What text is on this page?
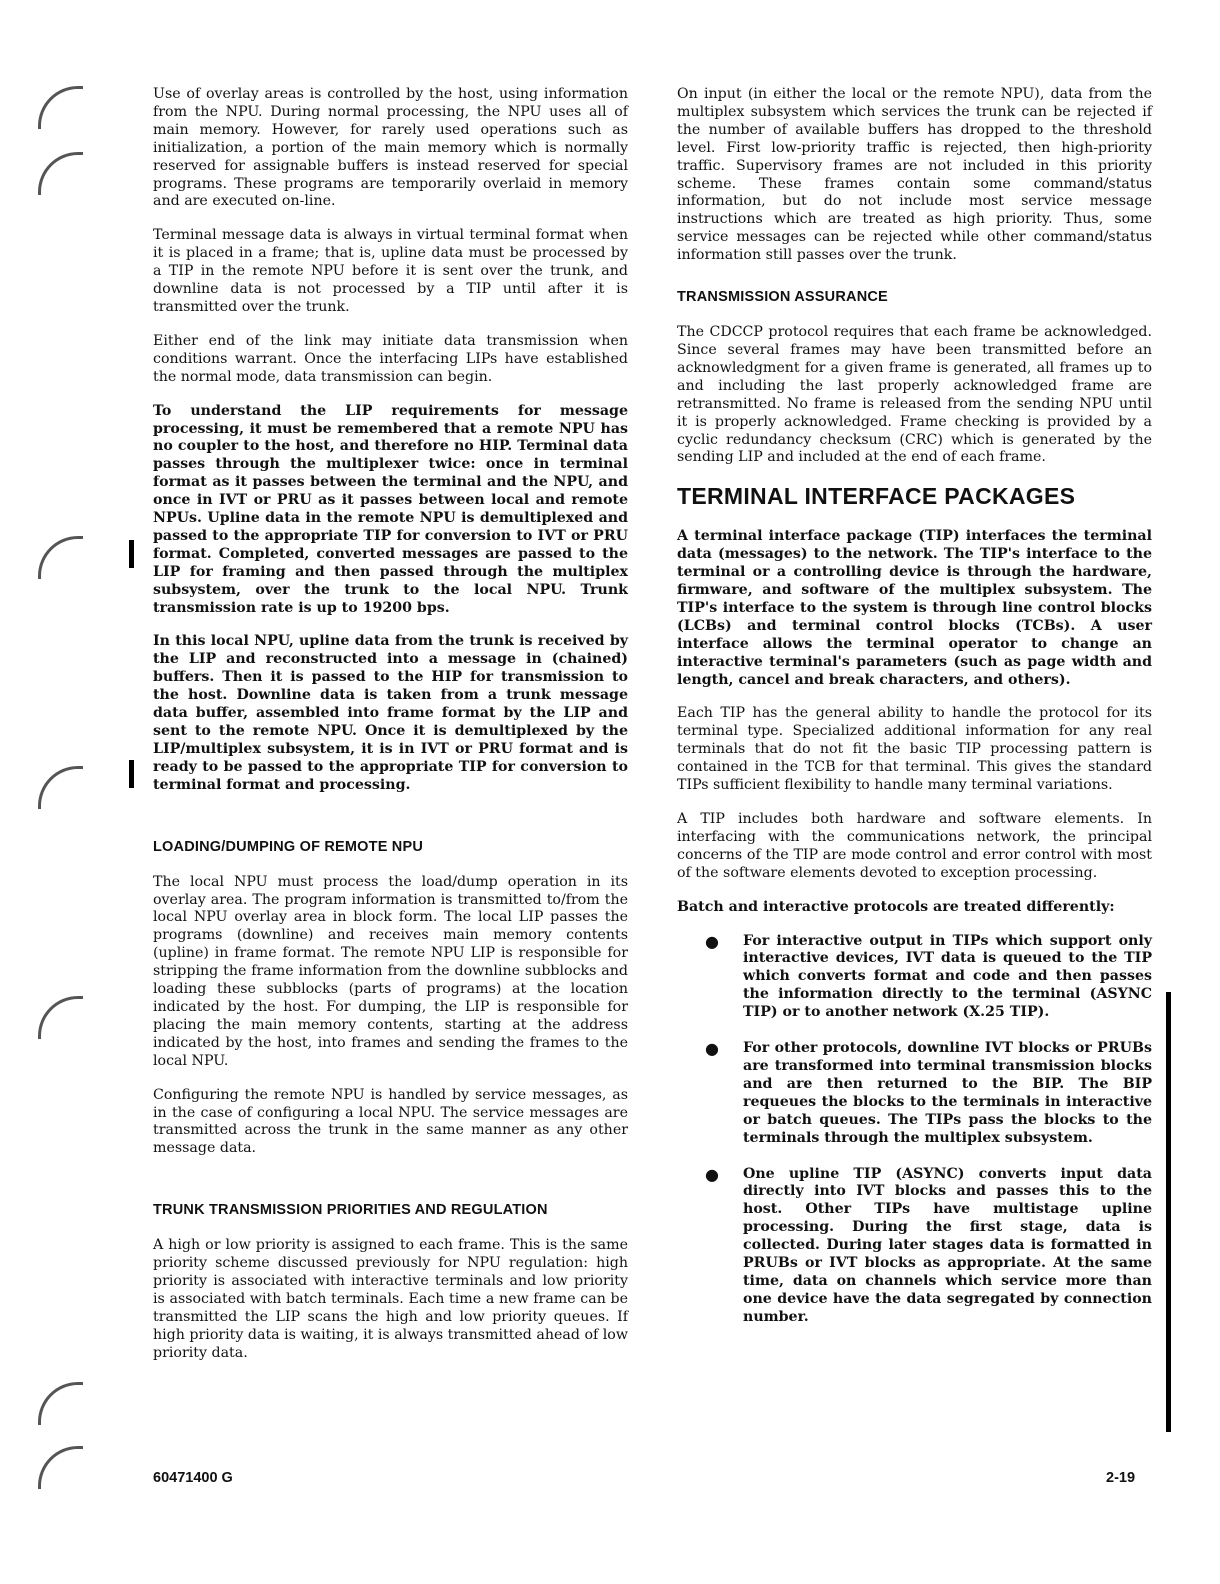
Use of overlay areas is controlled by the host, using information from the NPU. During normal processing, the NPU uses all of main memory. However, for rarely used operations such as initialization, a portion of the main memory which is normally reserved for assignable buffers is instead reserved for special programs. These programs are temporarily overlaid in memory and are executed on-line.

Terminal message data is always in virtual terminal format when it is placed in a frame; that is, upline data must be processed by a TIP in the remote NPU before it is sent over the trunk, and downline data is not processed by a TIP until after it is transmitted over the trunk.

Either end of the link may initiate data transmission when conditions warrant. Once the interfacing LIPs have established the normal mode, data transmission can begin.

To understand the LIP requirements for message processing, it must be remembered that a remote NPU has no coupler to the host, and therefore no HIP. Terminal data passes through the multiplexer twice: once in terminal format as it passes between the terminal and the NPU, and once in IVT or PRU as it passes between local and remote NPUs. Upline data in the remote NPU is demultiplexed and passed to the appropriate TIP for conversion to IVT or PRU format. Completed, converted messages are passed to the LIP for framing and then passed through the multiplex subsystem, over the trunk to the local NPU. Trunk transmission rate is up to 19200 bps.

In this local NPU, upline data from the trunk is received by the LIP and reconstructed into a message in (chained) buffers. Then it is passed to the HIP for transmission to the host. Downline data is taken from a trunk message data buffer, assembled into frame format by the LIP and sent to the remote NPU. Once it is demultiplexed by the LIP/multiplex subsystem, it is in IVT or PRU format and is ready to be passed to the appropriate TIP for conversion to terminal format and processing.

LOADING/DUMPING OF REMOTE NPU

The local NPU must process the load/dump operation in its overlay area. The program information is transmitted to/from the local NPU overlay area in block form. The local LIP passes the programs (downline) and receives main memory contents (upline) in frame format. The remote NPU LIP is responsible for stripping the frame information from the downline subblocks and loading these subblocks (parts of programs) at the location indicated by the host. For dumping, the LIP is responsible for placing the main memory contents, starting at the address indicated by the host, into frames and sending the frames to the local NPU.

Configuring the remote NPU is handled by service messages, as in the case of configuring a local NPU. The service messages are transmitted across the trunk in the same manner as any other message data.

TRUNK TRANSMISSION PRIORITIES AND REGULATION

A high or low priority is assigned to each frame. This is the same priority scheme discussed previously for NPU regulation: high priority is associated with interactive terminals and low priority is associated with batch terminals. Each time a new frame can be transmitted the LIP scans the high and low priority queues. If high priority data is waiting, it is always transmitted ahead of low priority data.

On input (in either the local or the remote NPU), data from the multiplex subsystem which services the trunk can be rejected if the number of available buffers has dropped to the threshold level. First low-priority traffic is rejected, then high-priority traffic. Supervisory frames are not included in this priority scheme. These frames contain some command/status information, but do not include most service message instructions which are treated as high priority. Thus, some service messages can be rejected while other command/status information still passes over the trunk.

TRANSMISSION ASSURANCE

The CDCCP protocol requires that each frame be acknowledged. Since several frames may have been transmitted before an acknowledgment for a given frame is generated, all frames up to and including the last properly acknowledged frame are retransmitted. No frame is released from the sending NPU until it is properly acknowledged. Frame checking is provided by a cyclic redundancy checksum (CRC) which is generated by the sending LIP and included at the end of each frame.

TERMINAL INTERFACE PACKAGES

A terminal interface package (TIP) interfaces the terminal data (messages) to the network. The TIP's interface to the terminal or a controlling device is through the hardware, firmware, and software of the multiplex subsystem. The TIP's interface to the system is through line control blocks (LCBs) and terminal control blocks (TCBs). A user interface allows the terminal operator to change an interactive terminal's parameters (such as page width and length, cancel and break characters, and others).

Each TIP has the general ability to handle the protocol for its terminal type. Specialized additional information for any real terminals that do not fit the basic TIP processing pattern is contained in the TCB for that terminal. This gives the standard TIPs sufficient flexibility to handle many terminal variations.

A TIP includes both hardware and software elements. In interfacing with the communications network, the principal concerns of the TIP are mode control and error control with most of the software elements devoted to exception processing.

Batch and interactive protocols are treated differently:

● For interactive output in TIPs which support only interactive devices, IVT data is queued to the TIP which converts format and code and then passes the information directly to the terminal (ASYNC TIP) or to another network (X.25 TIP).
● For other protocols, downline IVT blocks or PRUBs are transformed into terminal transmission blocks and are then returned to the BIP. The BIP requeues the blocks to the terminals in interactive or batch queues. The TIPs pass the blocks to the terminals through the multiplex subsystem.
● One upline TIP (ASYNC) converts input data directly into IVT blocks and passes this to the host. Other TIPs have multistage upline processing. During the first stage, data is collected. During later stages data is formatted in PRUBs or IVT blocks as appropriate. At the same time, data on channels which service more than one device have the data segregated by connection number.
60471400 G	2-19
